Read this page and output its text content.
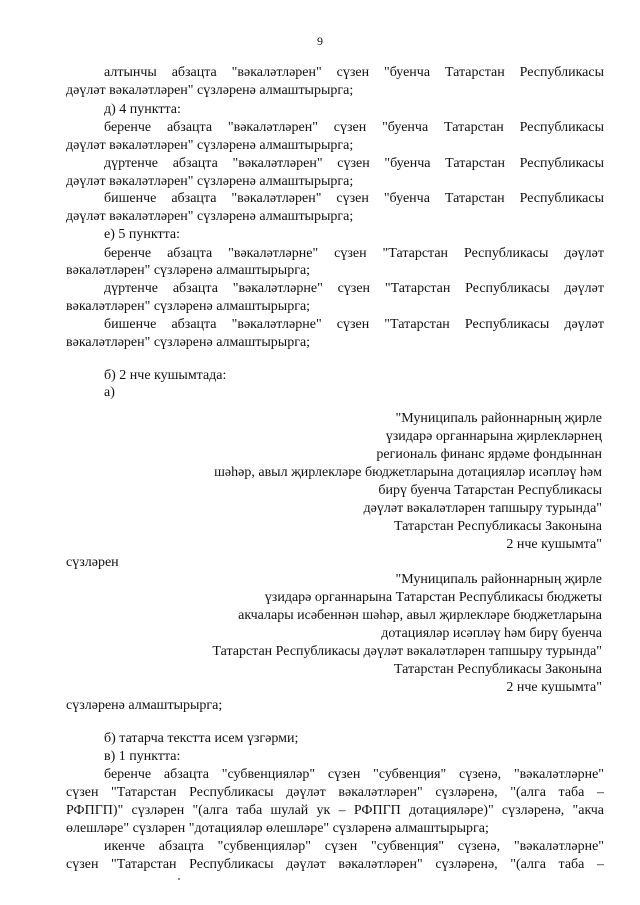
9
алтынчы абзацта "вәкаләтләрен" сүзен "буенча Татарстан Республикасы
дәүләт вәкаләтләрен" сүзләренә алмаштырырга;
д) 4 пунктта:
беренче абзацта "вәкаләтләрен" сүзен "буенча Татарстан Республикасы
дәүләт вәкаләтләрен" сүзләренә алмаштырырга;
дүртенче абзацта "вәкаләтләрен" сүзен "буенча Татарстан Республикасы
дәүләт вәкаләтләрен" сүзләренә алмаштырырга;
бишенче абзацта "вәкаләтләрен" сүзен "буенча Татарстан Республикасы
дәүләт вәкаләтләрен" сүзләренә алмаштырырга;
е) 5 пунктта:
беренче абзацта "вәкаләтләрне" сүзен "Татарстан Республикасы дәүләт
вәкаләтләрен" сүзләренә алмаштырырга;
дүртенче абзацта "вәкаләтләрне" сүзен "Татарстан Республикасы дәүләт
вәкаләтләрен" сүзләренә алмаштырырга;
бишенче абзацта "вәкаләтләрне" сүзен "Татарстан Республикасы дәүләт
вәкаләтләрен" сүзләренә алмаштырырга;
б) 2 нче кушымтада:
а)
"Муниципаль районнарның җирле
үзидарә органнарына җирлекләрнең
региональ финанс ярдәме фондыннан
шәһәр, авыл җирлекләре бюджетларына дотацияләр исәпләү һәм
бирү буенча Татарстан Республикасы
дәүләт вәкаләтләрен тапшыру турында"
Татарстан Республикасы Законына
2 нче кушымта"
сүзләрен
"Муниципаль районнарның җирле
үзидарә органнарына Татарстан Республикасы бюджеты
акчалары исәбеннән шәһәр, авыл җирлекләре бюджетларына
дотацияләр исәпләү һәм бирү буенча
Татарстан Республикасы дәүләт вәкаләтләрен тапшыру турында"
Татарстан Республикасы Законына
2 нче кушымта"
сүзләренә алмаштырырга;
б) татарча текстта исем үзгәрми;
в) 1 пунктта:
беренче абзацта "субвенцияләр" сүзен "субвенция" сүзенә, "вәкаләтләрне"
сүзен "Татарстан Республикасы дәүләт вәкаләтләрен" сүзләренә, "(алга таба –
РФПГП)" сүзләрен "(алга таба шулай ук – РФПГП дотацияләре)" сүзләренә, "акча
өлешләре" сүзләрен "дотацияләр өлешләре" сүзләренә алмаштырырга;
икенче абзацта "субвенцияләр" сүзен "субвенция" сүзенә, "вәкаләтләрне"
сүзен "Татарстан Республикасы дәүләт вәкаләтләрен" сүзләренә, "(алга таба –
